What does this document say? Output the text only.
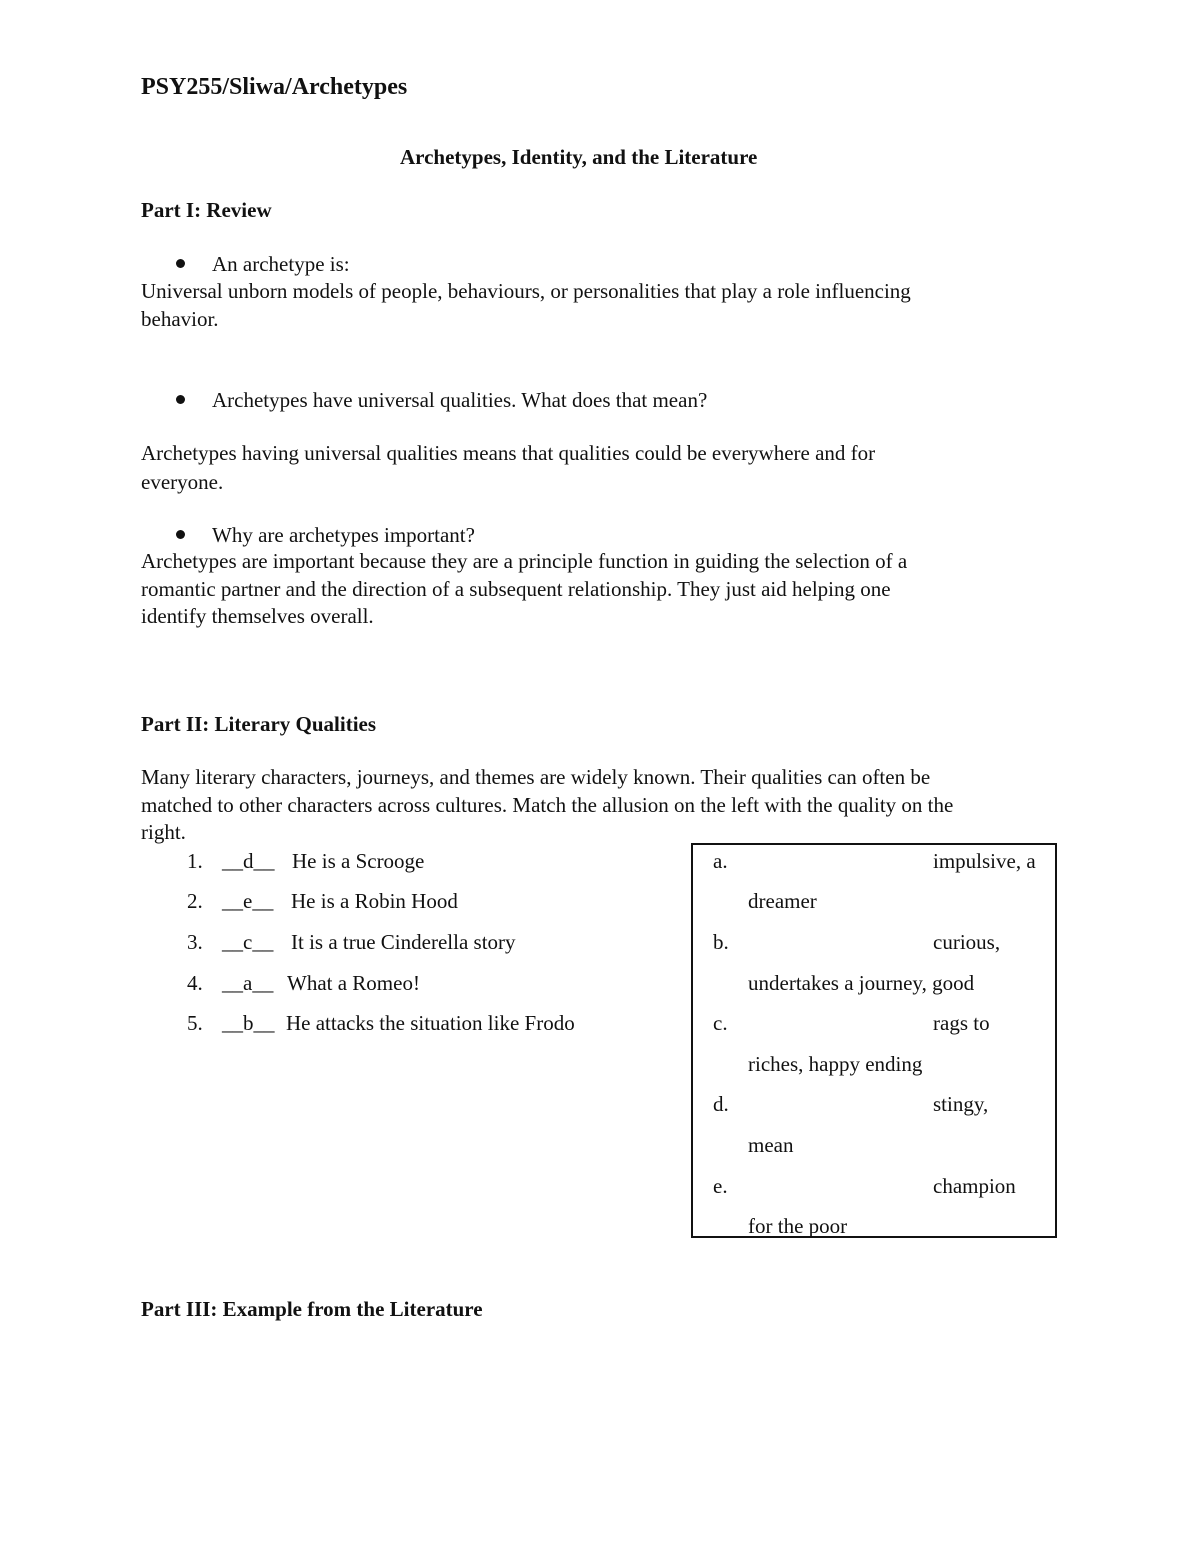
PSY255/Sliwa/Archetypes
Archetypes, Identity, and the Literature
Part I: Review
An archetype is:
Universal unborn models of people, behaviours, or personalities that play a role influencing
behavior.
Archetypes have universal qualities. What does that mean?
Archetypes having universal qualities means that qualities could be everywhere and for
everyone.
Why are archetypes important?
Archetypes are important because they are a principle function in guiding the selection of a
romantic partner and the direction of a subsequent relationship. They just aid helping one
identify themselves overall.
Part II: Literary Qualities
Many literary characters, journeys, and themes are widely known. Their qualities can often be
matched to other characters across cultures. Match the allusion on the left with the quality on the
right.
1. __d__ He is a Scrooge
2. __e__ He is a Robin Hood
3. __c__ It is a true Cinderella story
4. __a__ What a Romeo!
5. __b__ He attacks the situation like Frodo
a.	impulsive, a
dreamer
b.	curious,
undertakes a journey, good
c.	rags to
riches, happy ending
d.	stingy,
mean
e.	champion
for the poor
Part III: Example from the Literature
